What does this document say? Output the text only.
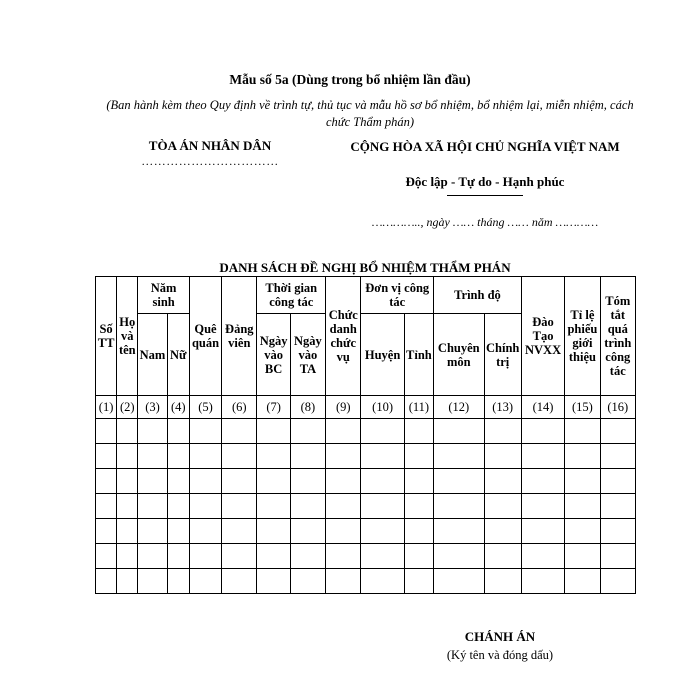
Mẫu số 5a (Dùng trong bổ nhiệm lần đầu)
(Ban hành kèm theo Quy định về trình tự, thủ tục và mẫu hồ sơ bổ nhiệm, bổ nhiệm lại, miễn nhiệm, cách chức Thẩm phán)
TÒA ÁN NHÂN DÂN
……………………………
CỘNG HÒA XÃ HỘI CHỦ NGHĨA VIỆT NAM
Độc lập - Tự do - Hạnh phúc
………….., ngày …… tháng …… năm …………
DANH SÁCH ĐỀ NGHỊ BỔ NHIỆM THẨM PHÁN
Số TT	Họ và tên	Năm sinh		Quê quán	Đảng viên	Thời gian công tác		Chức danh chức vụ	Đơn vị công tác		Trình độ		Đào Tạo NVXX	Tỉ lệ phiếu giới thiệu	Tóm tắt quá trình công tác
		Nam	Nữ			Ngày vào BC	Ngày vào TA		Huyện	Tỉnh	Chuyên môn	Chính trị			
(1)	(2)	(3)	(4)	(5)	(6)	(7)	(8)	(9)	(10)	(11)	(12)	(13)	(14)	(15)	(16)

CHÁNH ÁN
(Ký tên và đóng dấu)
